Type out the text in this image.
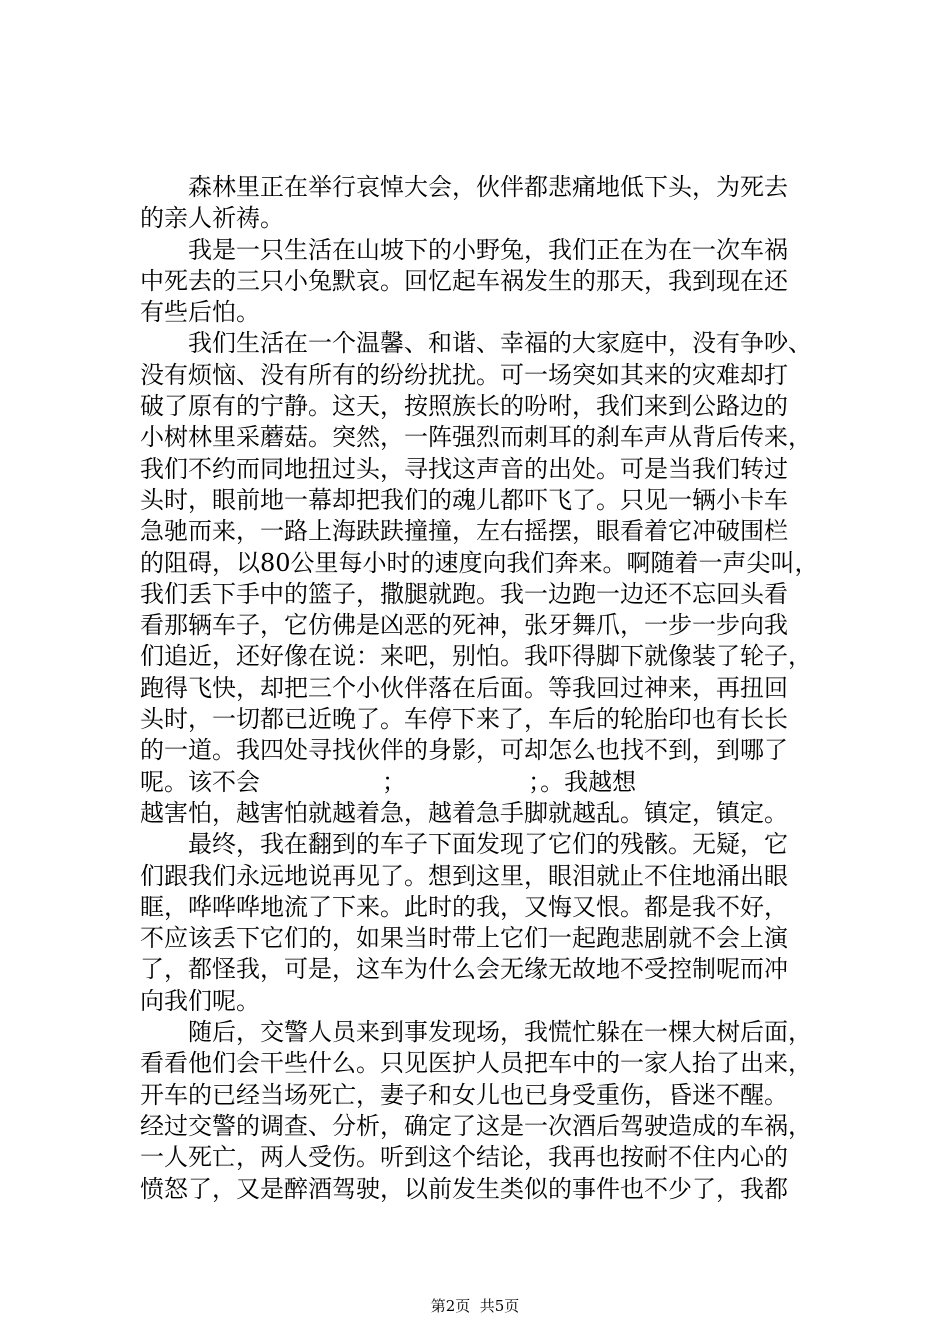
　　森林里正在举行哀悼大会，伙伴都悲痛地低下头，为死去
的亲人祈祷。
　　我是一只生活在山坡下的小野兔，我们正在为在一次车祸
中死去的三只小兔默哀。回忆起车祸发生的那天，我到现在还
有些后怕。
　　我们生活在一个温馨、和谐、幸福的大家庭中，没有争吵、
没有烦恼、没有所有的纷纷扰扰。可一场突如其来的灾难却打
破了原有的宁静。这天，按照族长的吩咐，我们来到公路边的
小树林里采蘑菇。突然，一阵强烈而刺耳的刹车声从背后传来，
我们不约而同地扭过头，寻找这声音的出处。可是当我们转过
头时，眼前地一幕却把我们的魂儿都吓飞了。只见一辆小卡车
急驰而来，一路上海趺趺撞撞，左右摇摆，眼看着它冲破围栏
的阻碍，以80公里每小时的速度向我们奔来。啊随着一声尖叫，
我们丢下手中的篮子，撒腿就跑。我一边跑一边还不忘回头看
看那辆车子，它仿佛是凶恶的死神，张牙舞爪，一步一步向我
们追近，还好像在说：来吧，别怕。我吓得脚下就像装了轮子，
跑得飞快，却把三个小伙伴落在后面。等我回过神来，再扭回
头时，一切都已近晚了。车停下来了，车后的轮胎印也有长长
的一道。我四处寻找伙伴的身影，可却怎么也找不到，到哪了
呢。该不会                ；                ；。我越想
越害怕，越害怕就越着急，越着急手脚就越乱。镇定，镇定。
　　最终，我在翻到的车子下面发现了它们的残骸。无疑，它
们跟我们永远地说再见了。想到这里，眼泪就止不住地涌出眼
眶，哗哗哗地流了下来。此时的我，又悔又恨。都是我不好，
不应该丢下它们的，如果当时带上它们一起跑悲剧就不会上演
了，都怪我，可是，这车为什么会无缘无故地不受控制呢而冲
向我们呢。
　　随后，交警人员来到事发现场，我慌忙躲在一棵大树后面，
看看他们会干些什么。只见医护人员把车中的一家人抬了出来，
开车的已经当场死亡，妻子和女儿也已身受重伤，昏迷不醒。
经过交警的调查、分析，确定了这是一次酒后驾驶造成的车祸，
一人死亡，两人受伤。听到这个结论，我再也按耐不住内心的
愤怒了，又是醉酒驾驶，以前发生类似的事件也不少了，我都
第2页  共5页
